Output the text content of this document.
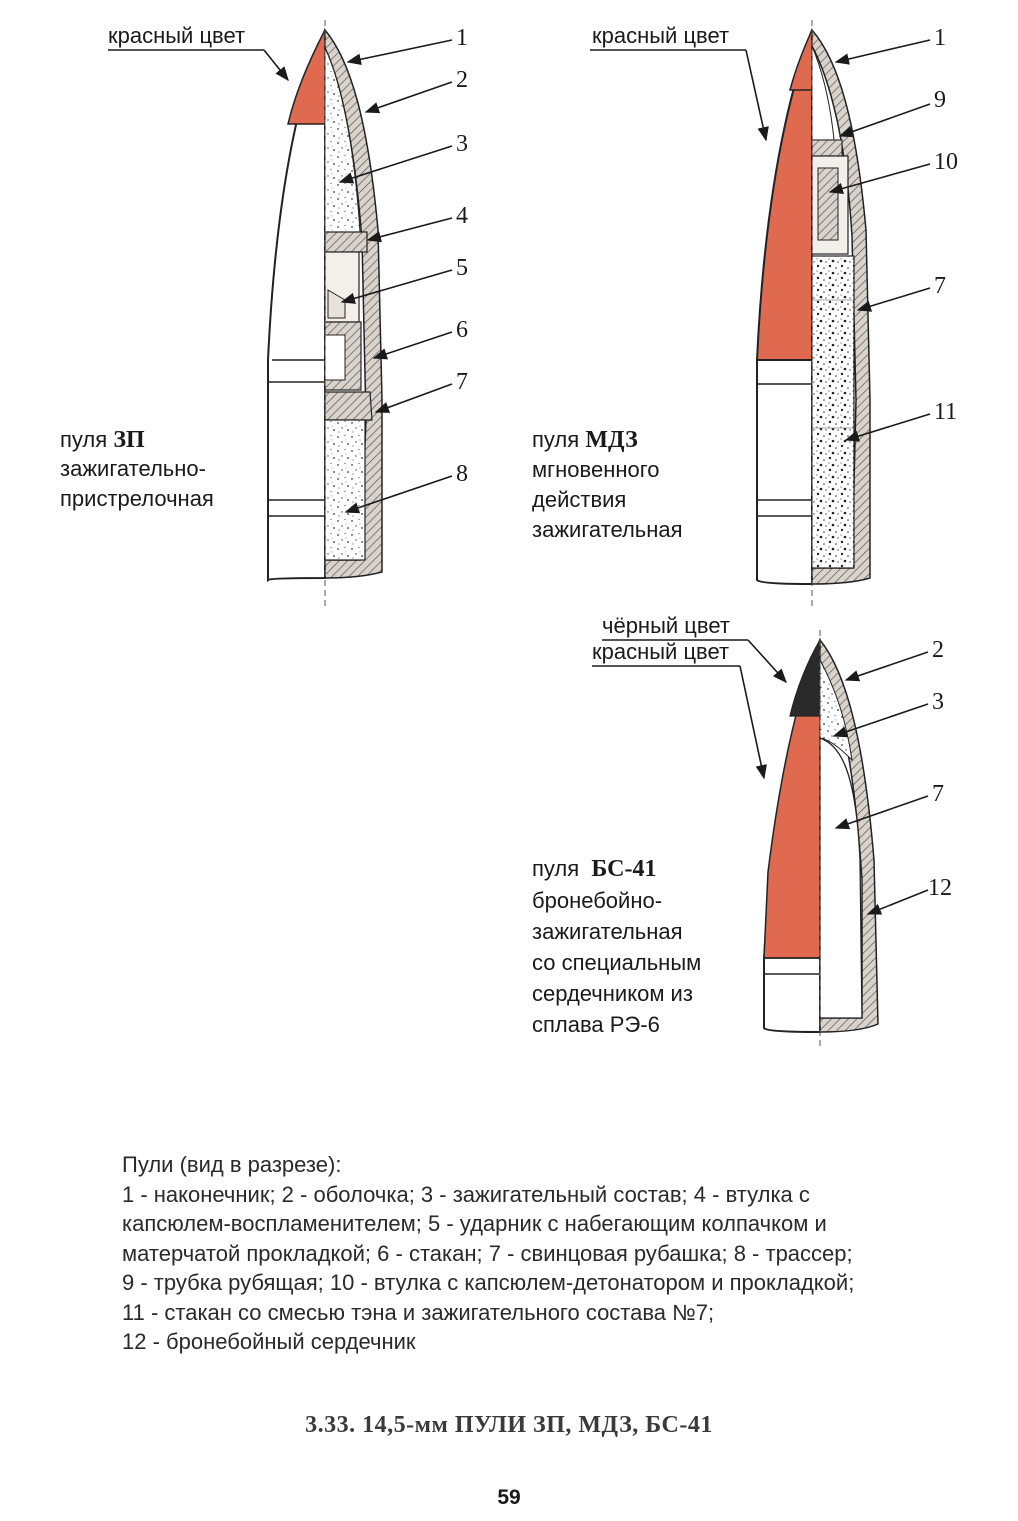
красный цвет	красный цвет
чёрный цвет
красный цвет
1
2
3
4
5
6
7
8
1
9
10
7
11
2
3
7
12
пуля ЗП
зажигательно-
пристрелочная
пуля МДЗ
мгновенного
действия
зажигательная
пуля БС-41
бронебойно-
зажигательная
со специальным
сердечником из
сплава РЭ-6
Пули (вид в разрезе):
1 - наконечник; 2 - оболочка; 3 - зажигательный состав; 4 - втулка с
капсюлем-воспламенителем; 5 - ударник с набегающим колпачком и
матерчатой прокладкой; 6 - стакан; 7 - свинцовая рубашка; 8 - трассер;
9 - трубка рубящая; 10 - втулка с капсюлем-детонатором и прокладкой;
11 - стакан со смесью тэна и зажигательного состава №7;
12 - бронебойный сердечник
3.33. 14,5-мм ПУЛИ ЗП, МДЗ, БС-41
59
